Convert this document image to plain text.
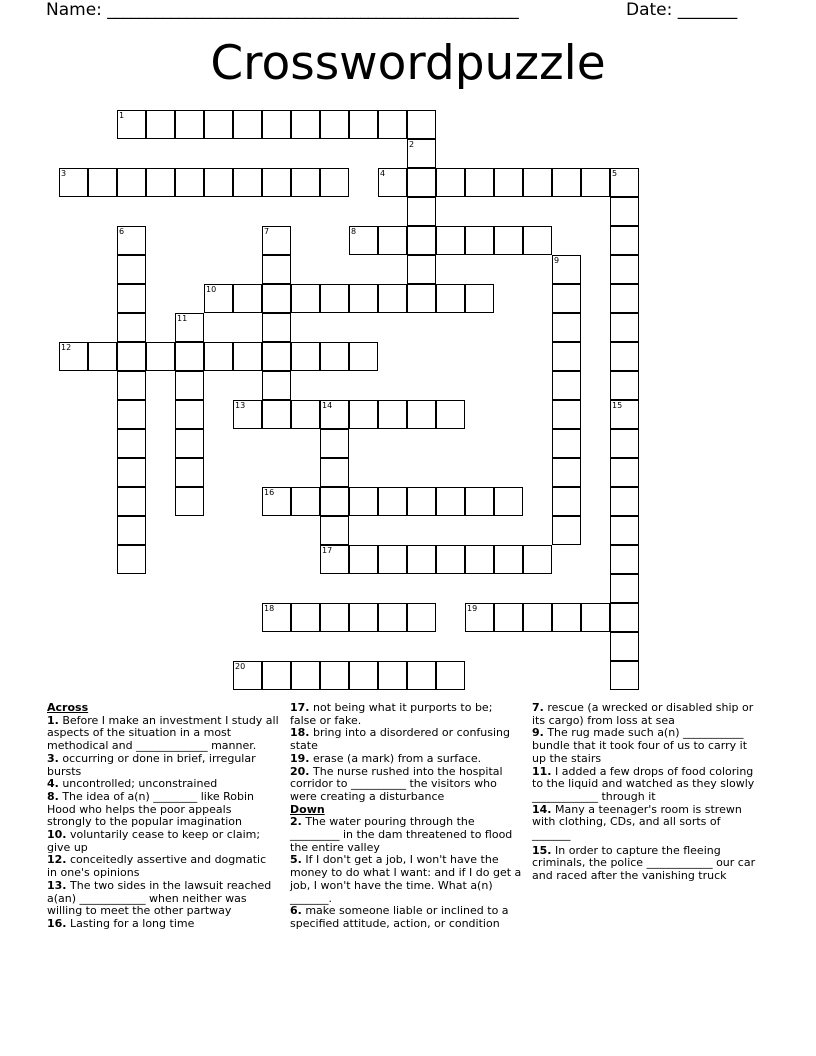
Name: ____________________________________________________	Date: _______
Crosswordpuzzle
1
2
3	4	5
6	7	8
9
10
11
12
13	14
17
15
16
18	19
20

Across

1. Before I make an investment I study all aspects of the situation in a most methodical and _____________ manner.

3. occurring or done in brief, irregular bursts

4. uncontrolled; unconstrained

8. The idea of a(n) ________ like Robin Hood who helps the poor appeals strongly to the popular imagination

10. voluntarily cease to keep or claim; give up

12. conceitedly assertive and dogmatic in one's opinions

13. The two sides in the lawsuit reached a(an) ____________ when neither was willing to meet the other partway

16. Lasting for a long time

17. not being what it purports to be; false or fake.

18. bring into a disordered or confusing state

19. erase (a mark) from a surface.

20. The nurse rushed into the hospital corridor to __________ the visitors who were creating a disturbance

Down

2. The water pouring through the _________ in the dam threatened to flood the entire valley

5. If I don't get a job, I won't have the money to do what I want: and if I do get a job, I won't have the time. What a(n) _______.

6. make someone liable or inclined to a specified attitude, action, or condition

7. rescue (a wrecked or disabled ship or its cargo) from loss at sea

9. The rug made such a(n) ___________ bundle that it took four of us to carry it up the stairs

11. I added a few drops of food coloring to the liquid and watched as they slowly ____________ through it

14. Many a teenager's room is strewn with clothing, CDs, and all sorts of _______

15. In order to capture the fleeing criminals, the police ____________ our car and raced after the vanishing truck
